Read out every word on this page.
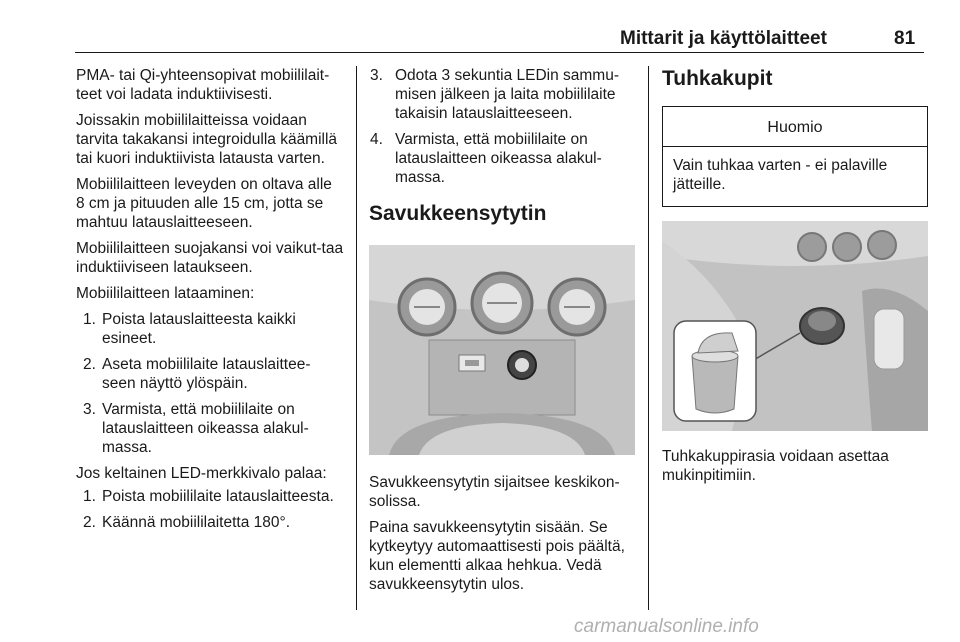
Mittarit ja käyttölaitteet	81

PMA- tai Qi-yhteensopivat mobiililait-teet voi ladata induktiivisesti.

Joissakin mobiililaitteissa voidaan tarvita takakansi integroidulla käämillä tai kuori induktiivista latausta varten.

Mobiililaitteen leveyden on oltava alle 8 cm ja pituuden alle 15 cm, jotta se mahtuu latauslaitteeseen.

Mobiililaitteen suojakansi voi vaikut-taa induktiiviseen lataukseen.

Mobiililaitteen lataaminen:

1. Poista latauslaitteesta kaikki esineet.
2. Aseta mobiililaite latauslaittee-seen näyttö ylöspäin.
3. Varmista, että mobiililaite on latauslaitteen oikeassa alakul-massa.

Jos keltainen LED-merkkivalo palaa:

1. Poista mobiililaite latauslaitteesta.
2. Käännä mobiililaitetta 180°.
3. Odota 3 sekuntia LEDin sammu-misen jälkeen ja laita mobiililaite takaisin latauslaitteeseen.
4. Varmista, että mobiililaite on latauslaitteen oikeassa alakul-massa.
Savukkeensytytin

Savukkeensytytin sijaitsee keskikon-solissa.

Paina savukkeensytytin sisään. Se kytkeytyy automaattisesti pois päältä, kun elementti alkaa hehkua. Vedä savukkeensytytin ulos.

Tuhkakupit
Huomio
Vain tuhkaa varten - ei palaville jätteille.

Tuhkakuppirasia voidaan asettaa mukinpitimiin.

carmanualsonline.info
